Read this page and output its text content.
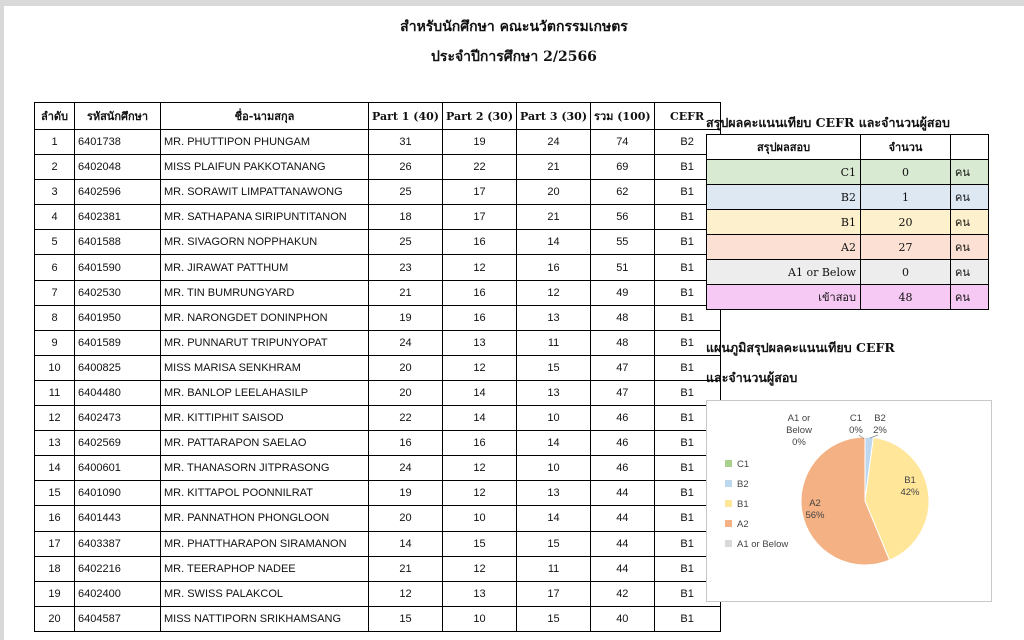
สำหรับนักศึกษา คณะนวัตกรรมเกษตร
ประจำปีการศึกษา 2/2566
ลำดับ	รหัสนักศึกษา	ชื่อ-นามสกุล	Part 1 (40)	Part 2 (30)	Part 3 (30)	รวม (100)	CEFR
1	6401738	MR. PHUTTIPON PHUNGAM	31	19	24	74	B2
2	6402048	MISS PLAIFUN PAKKOTANANG	26	22	21	69	B1
3	6402596	MR. SORAWIT LIMPATTANAWONG	25	17	20	62	B1
4	6402381	MR. SATHAPANA SIRIPUNTITANON	18	17	21	56	B1
5	6401588	MR. SIVAGORN NOPPHAKUN	25	16	14	55	B1
6	6401590	MR. JIRAWAT PATTHUM	23	12	16	51	B1
7	6402530	MR. TIN BUMRUNGYARD	21	16	12	49	B1
8	6401950	MR. NARONGDET DONINPHON	19	16	13	48	B1
9	6401589	MR. PUNNARUT TRIPUNYOPAT	24	13	11	48	B1
10	6400825	MISS MARISA SENKHRAM	20	12	15	47	B1
11	6404480	MR. BANLOP LEELAHASILP	20	14	13	47	B1
12	6402473	MR. KITTIPHIT SAISOD	22	14	10	46	B1
13	6402569	MR. PATTARAPON SAELAO	16	16	14	46	B1
14	6400601	MR. THANASORN JITPRASONG	24	12	10	46	B1
15	6401090	MR. KITTAPOL POONNILRAT	19	12	13	44	B1
16	6401443	MR. PANNATHON PHONGLOON	20	10	14	44	B1
17	6403387	MR. PHATTHARAPON SIRAMANON	14	15	15	44	B1
18	6402216	MR. TEERAPHOP NADEE	21	12	11	44	B1
19	6402400	MR. SWISS PALAKCOL	12	13	17	42	B1
20	6404587	MISS NATTIPORN SRIKHAMSANG	15	10	15	40	B1
สรุปผลคะแนนเทียบ CEFR และจำนวนผู้สอบ
สรุปผลสอบ	จำนวน	
C1	0	คน
B2	1	คน
B1	20	คน
A2	27	คน
A1 or Below	0	คน
เข้าสอบ	48	คน
แผนภูมิสรุปผลคะแนนเทียบ CEFR
และจำนวนผู้สอบ
C1
B2
B1
A2
A1 or Below
C1 0%
B2 2%
B1 42%
A2 56%
A1 or Below 0%
